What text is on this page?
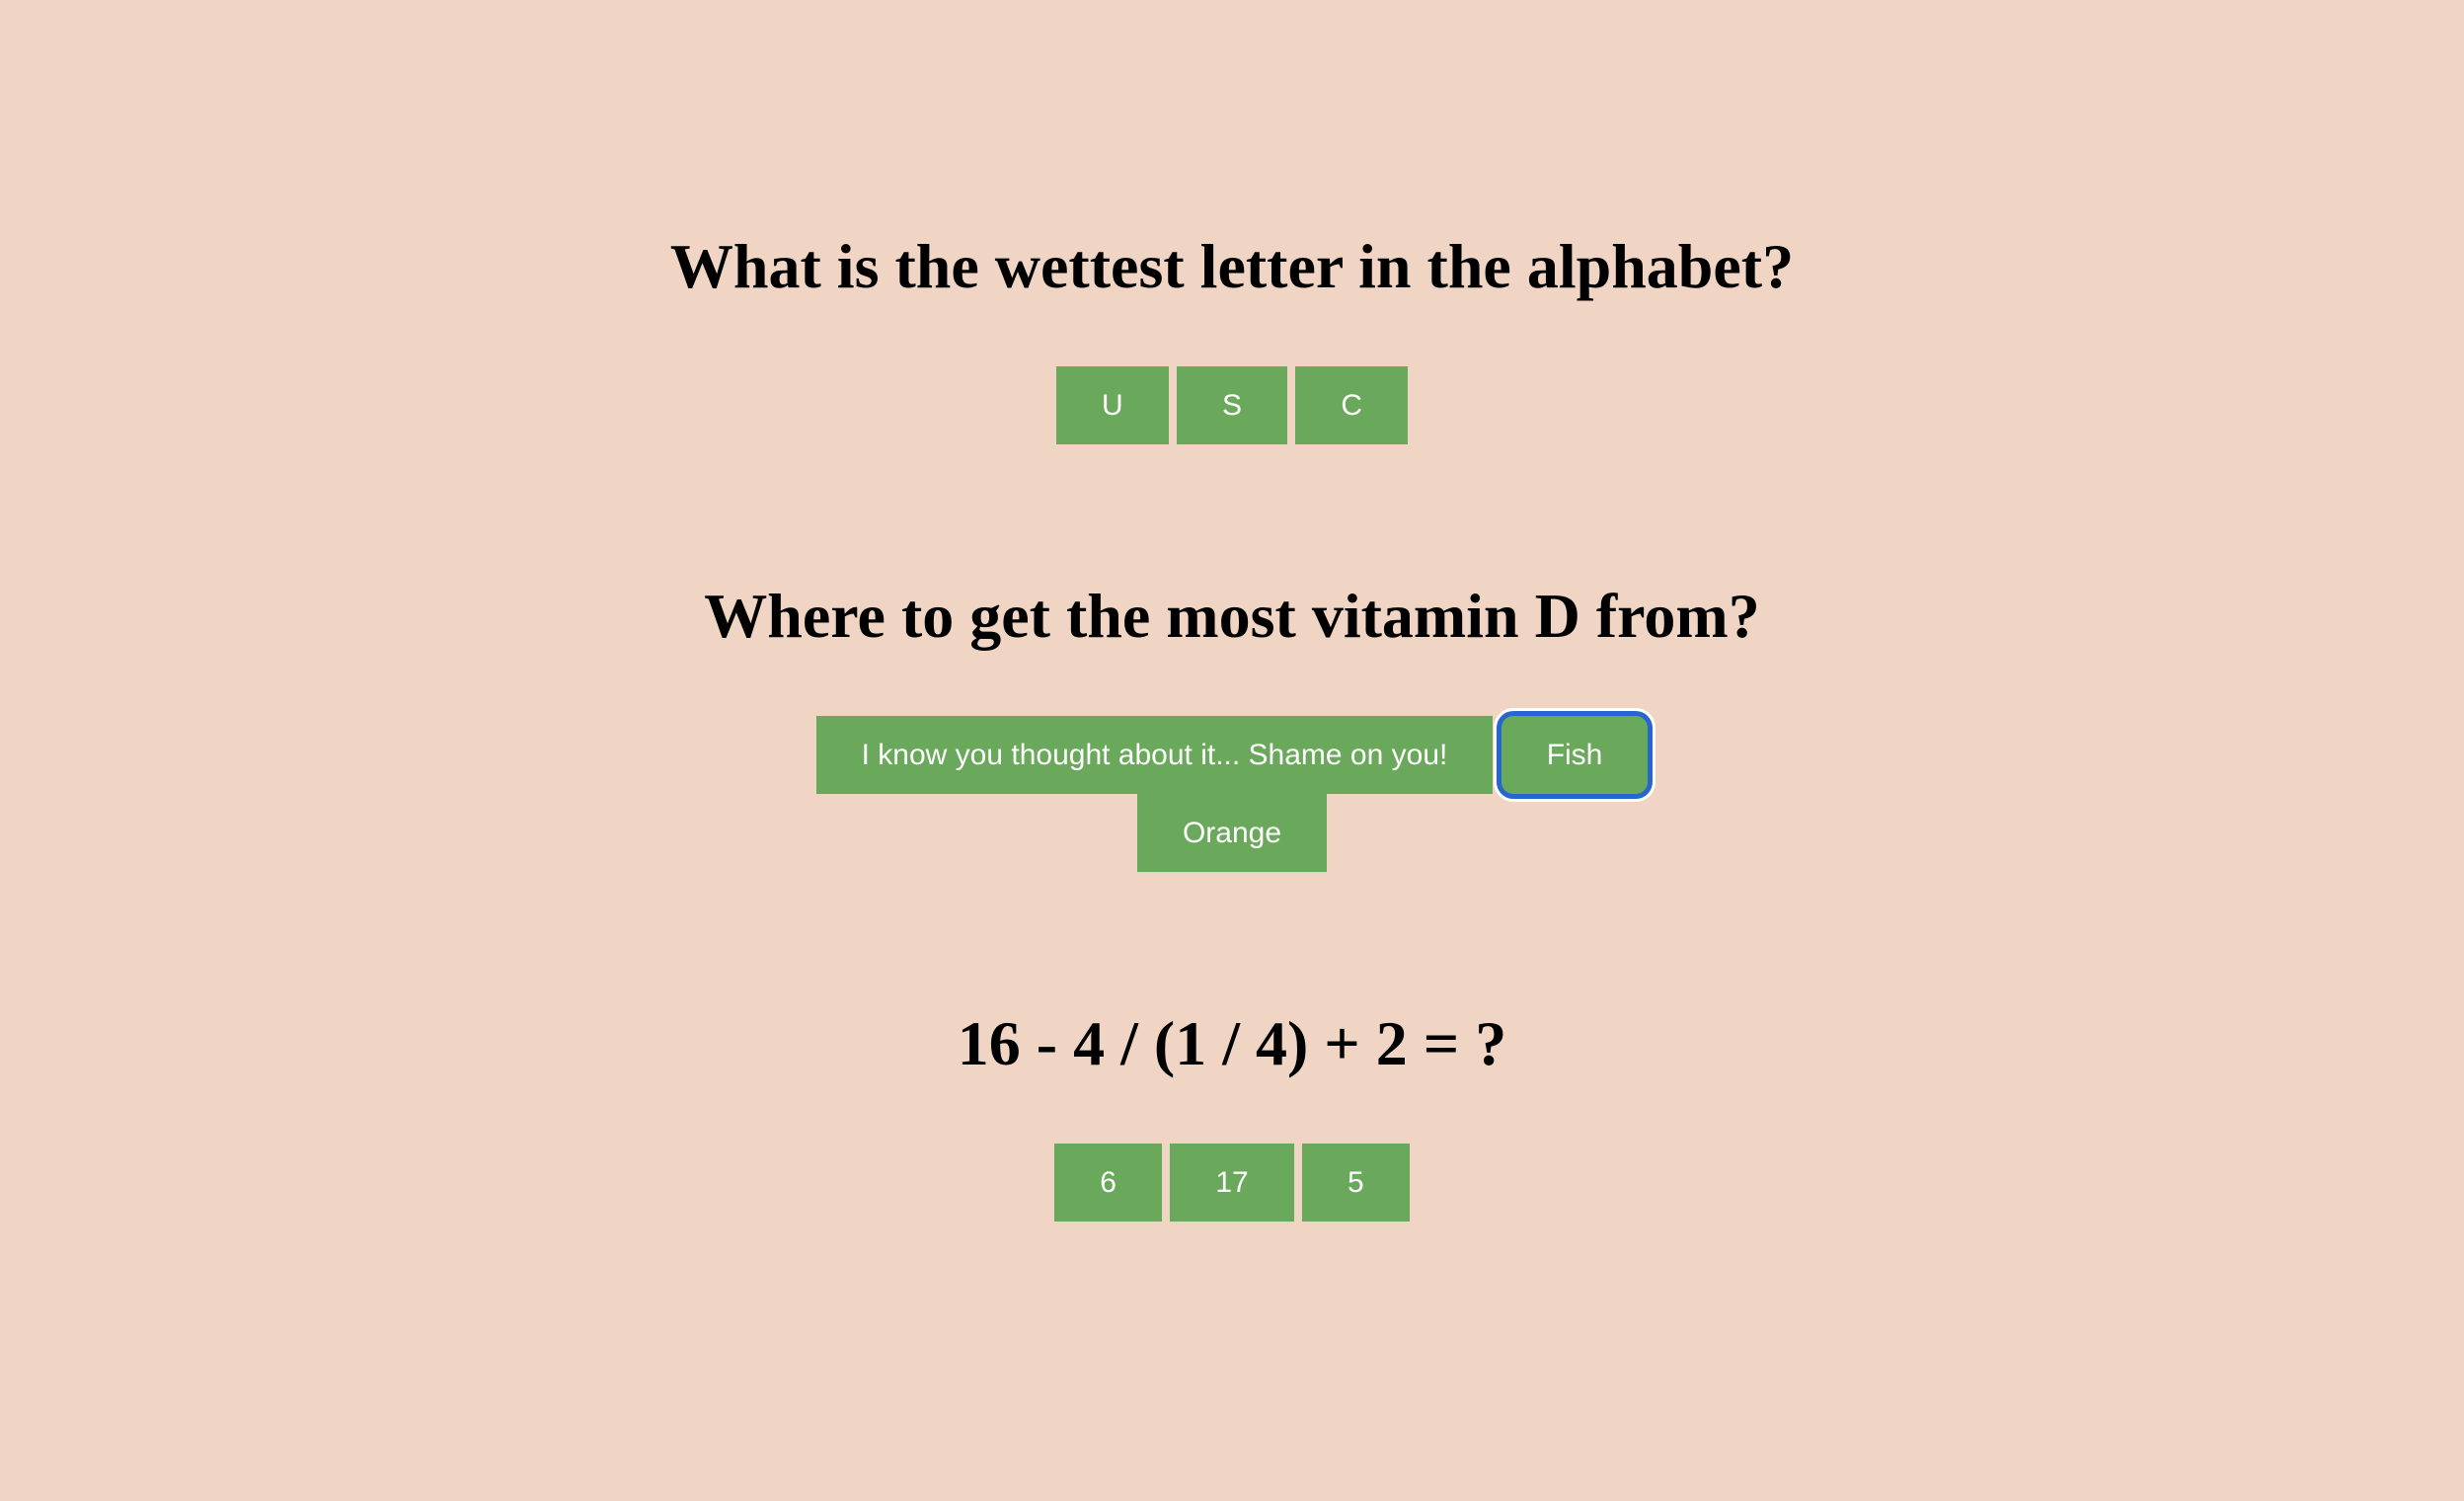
What is the wettest letter in the alphabet?
U	S	C
Where to get the most vitamin D from?
I know you thought about it... Shame on you!	Fish Orange
16 - 4 / (1 / 4) + 2 = ?
6	17	5
